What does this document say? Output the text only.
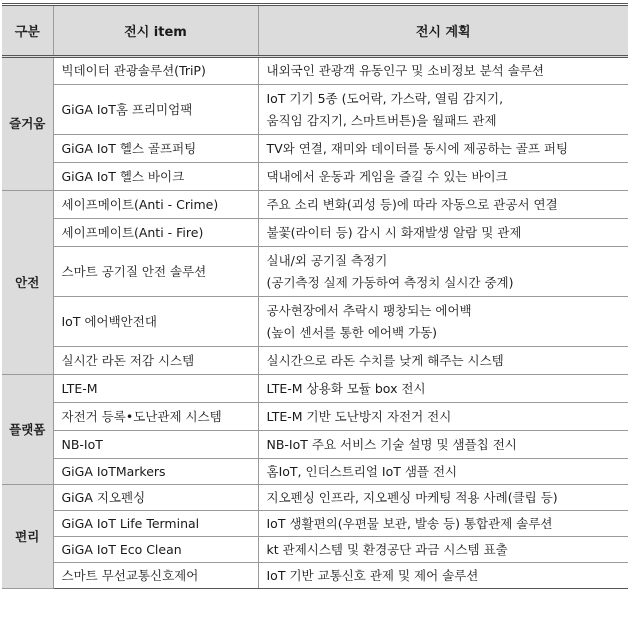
구분	전시 item	전시 계획
즐거움	빅데이터 관광솔루션(TriP)	내외국인 관광객 유동인구 및 소비정보 분석 솔루션
	GiGA IoT홈 프리미엄팩	IoT 기기 5종 (도어락, 가스락, 열림 감지기,
움직임 감지기, 스마트버튼)을 월패드 관제

	GiGA IoT 헬스 골프퍼팅	TV와 연결, 재미와 데이터를 동시에 제공하는 골프 퍼팅
	GiGA IoT 헬스 바이크	댁내에서 운동과 게임을 즐길 수 있는 바이크
안전	세이프메이트(Anti - Crime)	주요 소리 변화(괴성 등)에 따라 자동으로 관공서 연결
	세이프메이트(Anti - Fire)	불꽃(라이터 등) 감시 시 화재발생 알람 및 관제
	스마트 공기질 안전 솔루션	실내/외 공기질 측정기
(공기측정 실제 가동하여 측정치 실시간 중계)

	IoT 에어백안전대	공사현장에서 추락시 팽창되는 에어백
(높이 센서를 통한 에어백 가동)

	실시간 라돈 저감 시스템	실시간으로 라돈 수치를 낮게 해주는 시스템
플랫폼	LTE-M	LTE-M 상용화 모듈 box 전시
	자전거 등록•도난관제 시스템	LTE-M 기반 도난방지 자전거 전시
	NB-IoT	NB-IoT 주요 서비스 기술 설명 및 샘플칩 전시
	GiGA IoTMarkers	홈IoT, 인더스트리얼 IoT 샘플 전시
편리	GiGA 지오펜싱	지오펜싱 인프라, 지오펜싱 마케팅 적용 사례(클립 등)
	GiGA IoT Life Terminal	IoT 생활편의(우편물 보관, 발송 등) 통합관제 솔루션
	GiGA IoT Eco Clean	kt 관제시스템 및 환경공단 과금 시스템 표출
	스마트 무선교통신호제어	IoT 기반 교통신호 관제 및 제어 솔루션
